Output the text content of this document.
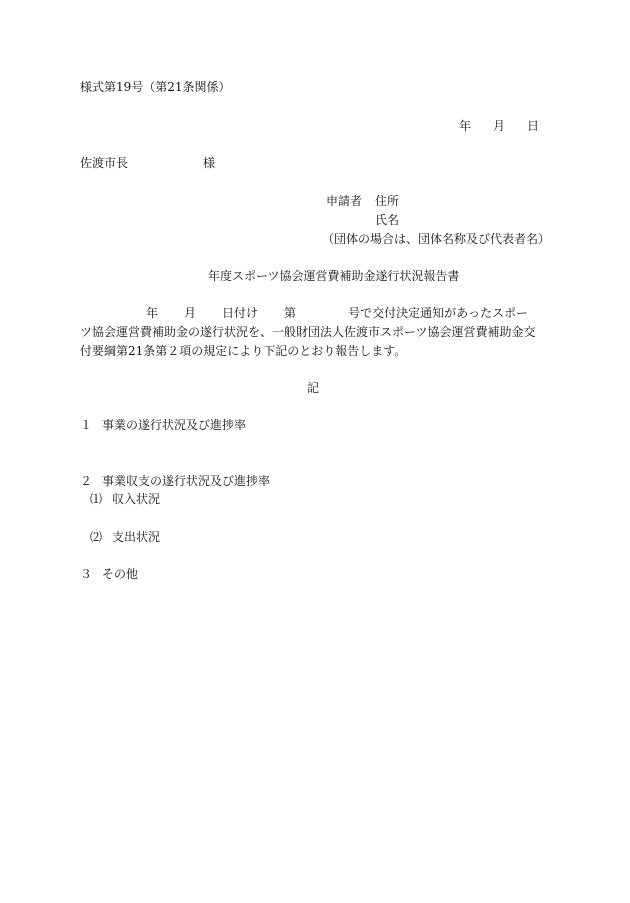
様式第19号（第21条関係）
年 月 日
佐渡市長	様
申請者 住所
氏名
（団体の場合は、団体名称及び代表者名）
年度スポーツ協会運営費補助金遂行状況報告書
年 月 日付け 第	号で交付決定通知があったスポー
ツ協会運営費補助金の遂行状況を、一般財団法人佐渡市スポーツ協会運営費補助金交
付要綱第21条第２項の規定により下記のとおり報告します。
記
１ 事業の遂行状況及び進捗率
２ 事業収支の遂行状況及び進捗率
⑴ 収入状況
⑵ 支出状況
３ その他
